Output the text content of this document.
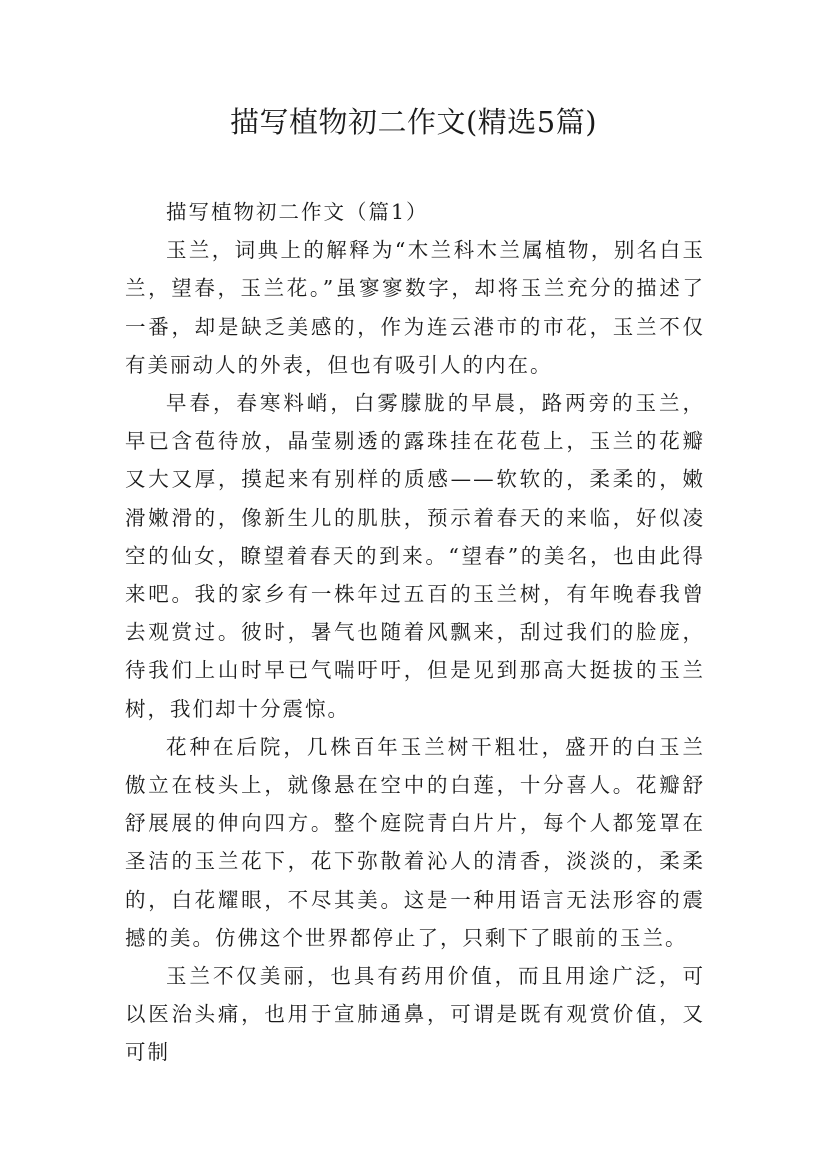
描写植物初二作文(精选5篇)

描写植物初二作文（篇1）

玉兰，词典上的解释为“木兰科木兰属植物，别名白玉兰，望春，玉兰花。”虽寥寥数字，却将玉兰充分的描述了一番，却是缺乏美感的，作为连云港市的市花，玉兰不仅有美丽动人的外表，但也有吸引人的内在。

早春，春寒料峭，白雾朦胧的早晨，路两旁的玉兰，早已含苞待放，晶莹剔透的露珠挂在花苞上，玉兰的花瓣又大又厚，摸起来有别样的质感——软软的，柔柔的，嫩滑嫩滑的，像新生儿的肌肤，预示着春天的来临，好似凌空的仙女，瞭望着春天的到来。“望春”的美名，也由此得来吧。我的家乡有一株年过五百的玉兰树，有年晚春我曾去观赏过。彼时，暑气也随着风飘来，刮过我们的脸庞，待我们上山时早已气喘吁吁，但是见到那高大挺拔的玉兰树，我们却十分震惊。

花种在后院，几株百年玉兰树干粗壮，盛开的白玉兰傲立在枝头上，就像悬在空中的白莲，十分喜人。花瓣舒舒展展的伸向四方。整个庭院青白片片，每个人都笼罩在圣洁的玉兰花下，花下弥散着沁人的清香，淡淡的，柔柔的，白花耀眼，不尽其美。这是一种用语言无法形容的震撼的美。仿佛这个世界都停止了，只剩下了眼前的玉兰。

玉兰不仅美丽，也具有药用价值，而且用途广泛，可以医治头痛，也用于宣肺通鼻，可谓是既有观赏价值，又可制
